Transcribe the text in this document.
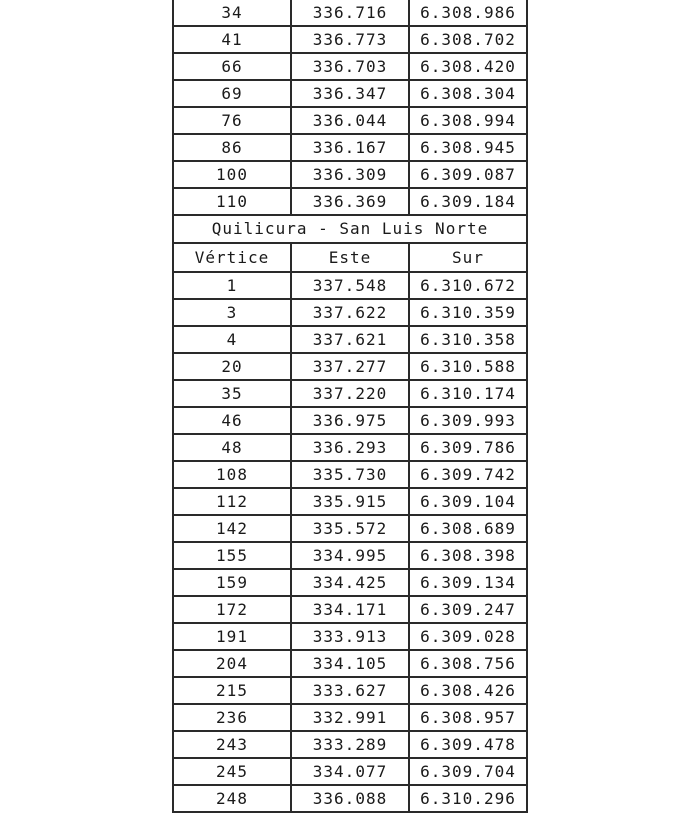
34	336.716	6.308.986
41	336.773	6.308.702
66	336.703	6.308.420
69	336.347	6.308.304
76	336.044	6.308.994
86	336.167	6.308.945
100	336.309	6.309.087
110	336.369	6.309.184
Quilicura - San Luis Norte		
Vértice	Este	Sur
1	337.548	6.310.672
3	337.622	6.310.359
4	337.621	6.310.358
20	337.277	6.310.588
35	337.220	6.310.174
46	336.975	6.309.993
48	336.293	6.309.786
108	335.730	6.309.742
112	335.915	6.309.104
142	335.572	6.308.689
155	334.995	6.308.398
159	334.425	6.309.134
172	334.171	6.309.247
191	333.913	6.309.028
204	334.105	6.308.756
215	333.627	6.308.426
236	332.991	6.308.957
243	333.289	6.309.478
245	334.077	6.309.704
248	336.088	6.310.296
